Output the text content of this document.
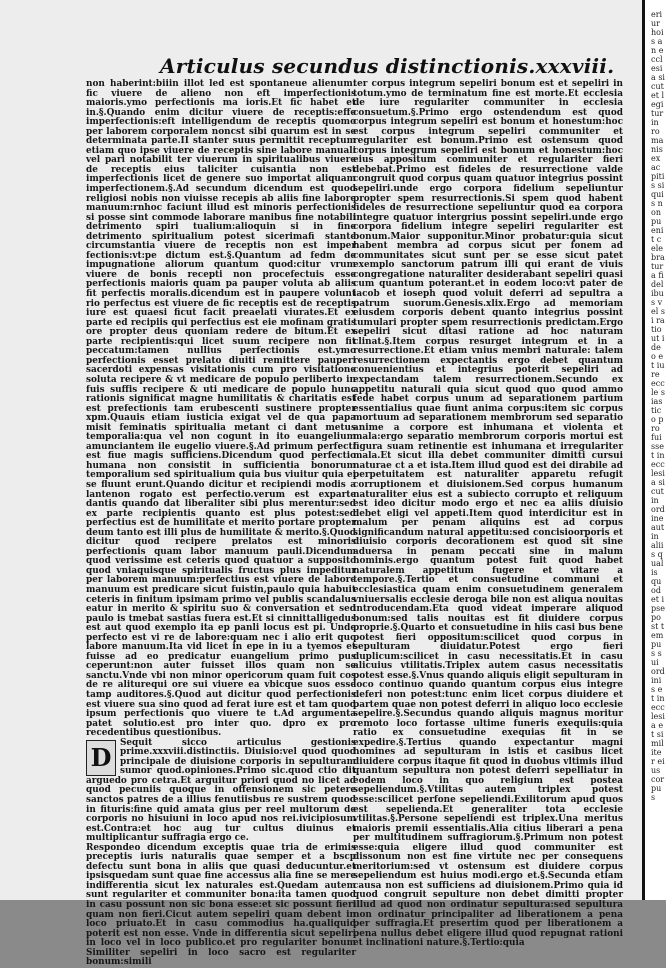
Articulus secundus distinctionis.xxxviii.

non haberint:biiin illot led est spontaneue alienum: fic viuere de alieno non eft imperfectionis maioris.ymo perfectionis ma ioris.Et fic habet et in.§.Quando enim dicitur viuere de receptis:effe imperfectionis:eft intelligendum de receptis quomo per laborem corporalem noncst sibi quarum est in se determinata parte.II stanter suus permittit receptum etiam quo ipse viuere de receptis sine labore manuali vel pari notabilit ter viuerum in spiritualibus viuere de receptis eius taliciter cuisantia non est imperfectionis licet de genere suo importat aliquam imperfectionem.§.Ad secundum dicendum est quod religiosi nobis non viuisse recepis ab aliis fine labore manuum:rnhoc faciunt illud est minoris perfectionis si posse sint commode laborare manibus fine notabili detrimento spiri tualium:alioquin si in fine detrimento spiritualium potest sicerimafi stante circumstantia viuere de receptis non est imper fectionis:vt:pe dictum est.§.Quantum ad fedm de impugnatione aliorum quantum quod:citur vrum viuere de bonis recepti non procefectuis esse perfectionis maioris quam pa pauper voluta ab aliis fit perfectis moralis.dicendum est in paupere volunt rio perfectus est viuere de fic receptis est de receptis iure est quaesi ficut facit preaelati viurates.Et ex parte ed recipiis qui perfectius est eie mofinam gratis ore propter deus quoniam redere de bitum.Et ex parte recipientis:qui licet suum recipere non fit peccatum:tamen nullius perfectionis est.ymo perfectionis esset prelato diuiti remittere pauperi sacerdoti expensas visitationis cum pro visitatione soluta recipere & vt medicare de populo perliberto in fuis suffis recipere & uti medicare de populo hunc rationis significat magne humilitatis & charitatis est est prefectionis tam erubescenti sustinere propter xpm.Quauis etiam iusticia exigat vel de qua papa misit feminatis spiritualia metant ci dant metus temporalia:qua vel non cogunt in ito euangelium amunciantem ile eugelio viuere.§.Ad primum perfecti est fiue magis sufficiens.Dicendum quod perfectio humana non consistit in sufficientia bonorum temporalium sed spiritualium quia bus viuitur quia ei se fluunt erunt.Quando dicitur et recipiendi modis a lantenon rogato est perfectio.verum est exparte dantis quando dat liberaliter sibi plus merentur:sed ex parte recipientis quanto est plus potest:sed perfectius est de humilitate et merito portare propter deum tanto est illi plus de humilitate & merito.§.Quod dicitur quod recipere prelatos est minoris perfectionis quam labor manuum pauli.Dicendum quod verissime est ceteris quod quatuor a supposito quod vniaquisque spiritualis fructus plus impeditur per laborem manuum:perfectius est viuere de labore manuum est predicare sicut fuistin,paulo quia habuit ceteris in finitum ipsimam primo vel publis scandalus eatur in merito & spiritu suo & conversation et sed paulo is tmebat sastias fuera est.Et si cinnittalligedus est aut quod exemplo ita ep panli locus est pi. Unde perfecto est vi re de labore:quam nec i alio erit quo labore manuum.Ita vid licet in epe in iu a tyemos et fuisse ad eo predicatur euangelium primo pus ceperunt:non auter fuisset illos quam non se sanctu.Vnde vbi non minor opericorum quam fuit cos de re aliturequi ore sui viuere ea vbicque suos esse tamp auditores.§.Quod aut dicitur quod perfectionis est viuere sua sino quod ad ferat iure est et tam quod ipsum perfectionis quo viuere te t.Ad argumenta patet solutio.est pro inter quo. dpro ex pro recedentibus questionibus.

D
Sequit sicco articulus gestionis prime.xxxviii.distinctiis. Diuisio:vel quod quod principale de diuisione corporis in sepulturam sumor quod.opiniones.Primo sic.quod ctio dit arguedo pro cetra.Et arguitur priori quod no licet ad quod pecuniis quoque in offensionem sic petere sanctos patres de a illius fenutiisbus re sustrem quod in fituris:fine quid amata gius per reel multorum de corporis no hisuiuni in loco apud nos rei.ivicipiosum est.Contra:et hoc aug tur cultus diuinus et multiplicantur suffragia ergo ce.

Respondeo dicendum exceptis quae tria de erimis preceptis iuris naturalis quae semper et a bscp defectu sunt bona in aliis que quasi deducuntur.et ipsisquedam sunt quae fine accessus alia fine se mere indifferentia sicut lex naturales est.Quedam autem sunt regulariter et communiter bona:ita tamen quod in casu possunt non sic bona esse:et sic possunt fieri quam non fieri.Cicut autem sepeliri quam debent in loco priuato.Et in casu commodius ha.qualiquid poterit est non esse. Vnde in differentia sicut sepeliri in loco vel in loco publico.et pro regulariter bonum Similiter sepeliri in loco sacro est regulariter bonum:simili

ter corpus integrum sepeliri bonum est et sepeliri in totum.ymo de terminatum fine est morte.Et ecclesia de iure regulariter communiter in ecclesia consuetum.§.Primo ergo ostendendum est quod corpus integrum sepeliri est bonum et honestum:hoc est corpus integrum sepeliri communiter et regulariter est bonum.Primo est ostensum quod corpus integrum sepeliri est bonum et honestum:hoc eius appositum communiter et regulariter fieri debebat.Primo est fideles de resurrectione valde congruit quod corpus quam quatuor integrius possint sepeliri.unde ergo corpora fidelium sepeliuntur propter spem resurrectionis.Si spem quod habent fideles de resurrectione sepeliuntur quod ea corpora integre quatuor intergrius possint sepeliri.unde ergo corpora fidelium integre sepeliri regulariter est bonum.Maior supponitur.Minor probatur:quia sicut habent membra ad corpus sicut per fonem ad communitates sicut sunt per se esse sicut patet exemplo sanctorum patrum illi qui erant de viuis congregatione naturaliter desiderabant sepeliri quasi cum quantum poterant.et in eodem loco:vt pater de iacob et ioseph quod voluit deferri ad sepultra a patrum suorum.Genesis.xlix.Ergo ad memoriam eiusdem corporis debent quanto integrius possint tumulari propter spem resurrectionis predictam.Ergo sepeliri sicut ditasi ratione ad hoc naturam clinat.§.Item corpus resurget integrum et in a resurrectione.Et etiam vnius membri naturale: talem resurrectionem expectantis ergo debet quantum conuenientius et integrius poterit sepeliri ad expectandam talem resurrectionem.Secundo ex appetitu naturali quia sicut quod quo quod ammo fede habet corpus unum ad separationem partium essentialius quae fiunt anima corpus:item sic corpus mortuum ad separationem membrorum sed separatio anime a corpore est inhumana et violenta et mala:ergo separatio membrorum corporis mortui est figura suam retinentie est inhumana et irregulariter mala.Et sicut illa debet communiter dimitti cursui naturae ct a et ista.Item illud quod est dei dirabile ad perpetuitatem est naturaliter apparetu refugit corruptionem et diuisionem.Sed corpus humanum naturaliter eius est a subiecto corrupto et reliquum est ideo dicitur modo ergo et nec ea aliis diuisio debet eligi vel appeti.Item quod interdicitur est in malum per penam aliquins est ad corpus significandum natural appetitu:sed concisioorporis et diuisio corporis decorationem est quod sit sine aduersa in penam peccati sine in malum hominis.ergo quantum potest fuit quod habet naturalem appetitum fugere et vitare a tempore.§.Tertio et consuetudine communi et ecclesiastica quam enim consuetudinem generalem vniuersalis ecclesie deroga bile non est aliqua nouitas introducendam.Eta quod videat imperare aliquod bonum:sed talis nouitas est fit diuidere corpus proprie.§.Quarto et consuetudine in hiis casi bus bene potest fieri oppositum:scilicet quod corpus in sepulturam diuidatur.Potest ergo fieri duplicum:scilicet in casu necessitatis.Et in casu alicuius vtilitatis.Triplex autem casus necessitatis potest esse.§.Vnus quando aliquis eligit sepulturam in loco continuo quando quantum corpus eius integre deferi non potest:tunc enim licet corpus diuidere et partem quae non potest deferri in aliquo loco ecclesie sepelire.§.Secundus quando aliquis magnus moritur remoto loco fortasse ultime funeris exequiis:quia ratio ex consuetudine exequias fit in se expedire.§.Tertius quando expectantur magni homines ad sepulturam in istis et casibus licet diuidere corpus itaque fit quod in duobus vltimis illud quantum sepultura non potest deferri sepelliatur in eodem loco in quo religium est postea sepeliendum.§.Vtilitas autem triplex potest esse:scilicet perfone sepeliendi.Exilitorum apud quos est sepelienda.Et generaliter tota ecclesie vtilitas.§.Persone sepeliendi est triplex.Una meritus maioris premii essentialis.Alia citius liberari a pena per multitudinem suffragiorum.§.Primum non potest esse:quia eligere illud quod communiter est dissonum non est fine virtute nec per consequens meritorium:sed vt ostensum est diuidere corpus sepeliendum est huius modi.ergo et.§.Secunda etiam causa non est sufficiens ad diuisionem.Primo quia id quod congruit sepulture non debet dimitti propter illud ad quod non ordinatur sepultura:sed sepultura non ordinatur principaliter ad liberationem a pena per suffragia.Et presertim quod per liberationem a pena nullus debet eligere illud quod repugnat rationi et inclinationi nature.§.Tertio:quia

eriur hois an ecclesia sicut et legitur in romanis ex ac pitis si quis non puenit celebratur a fidelibus vel si ratio ut ideo et iure eccle siastico pro fuisset in ecclesia sicut in ordine aut in aliis qualis quod et ipse post tempus sui ordinis et in ecclesia et similiter eius corpus
